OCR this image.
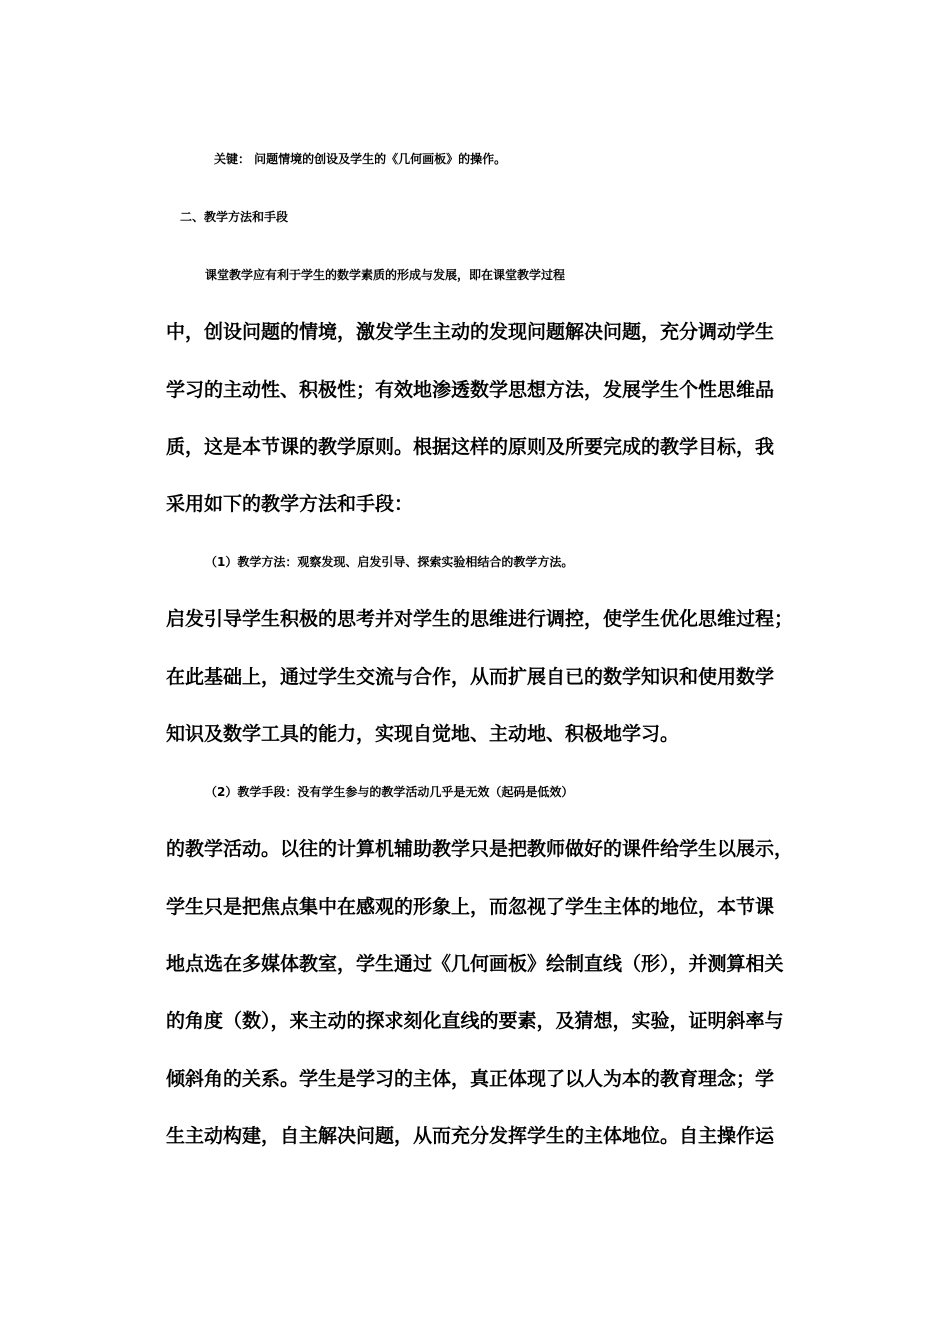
关键： 问题情境的创设及学生的《几何画板》的操作。
二、教学方法和手段
课堂教学应有利于学生的数学素质的形成与发展，即在课堂教学过程
中，创设问题的情境，激发学生主动的发现问题解决问题，充分调动学生
学习的主动性、积极性；有效地渗透数学思想方法，发展学生个性思维品
质，这是本节课的教学原则。根据这样的原则及所要完成的教学目标，我
采用如下的教学方法和手段：
（1）教学方法：观察发现、启发引导、探索实验相结合的教学方法。
启发引导学生积极的思考并对学生的思维进行调控，使学生优化思维过程；
在此基础上，通过学生交流与合作，从而扩展自已的数学知识和使用数学
知识及数学工具的能力，实现自觉地、主动地、积极地学习。
（2）教学手段：没有学生参与的教学活动几乎是无效（起码是低效）
的教学活动。以往的计算机辅助教学只是把教师做好的课件给学生以展示，
学生只是把焦点集中在感观的形象上，而忽视了学生主体的地位，本节课
地点选在多媒体教室，学生通过《几何画板》绘制直线（形），并测算相关
的角度（数），来主动的探求刻化直线的要素，及猜想，实验，证明斜率与
倾斜角的关系。学生是学习的主体，真正体现了以人为本的教育理念；学
生主动构建，自主解决问题，从而充分发挥学生的主体地位。自主操作运
